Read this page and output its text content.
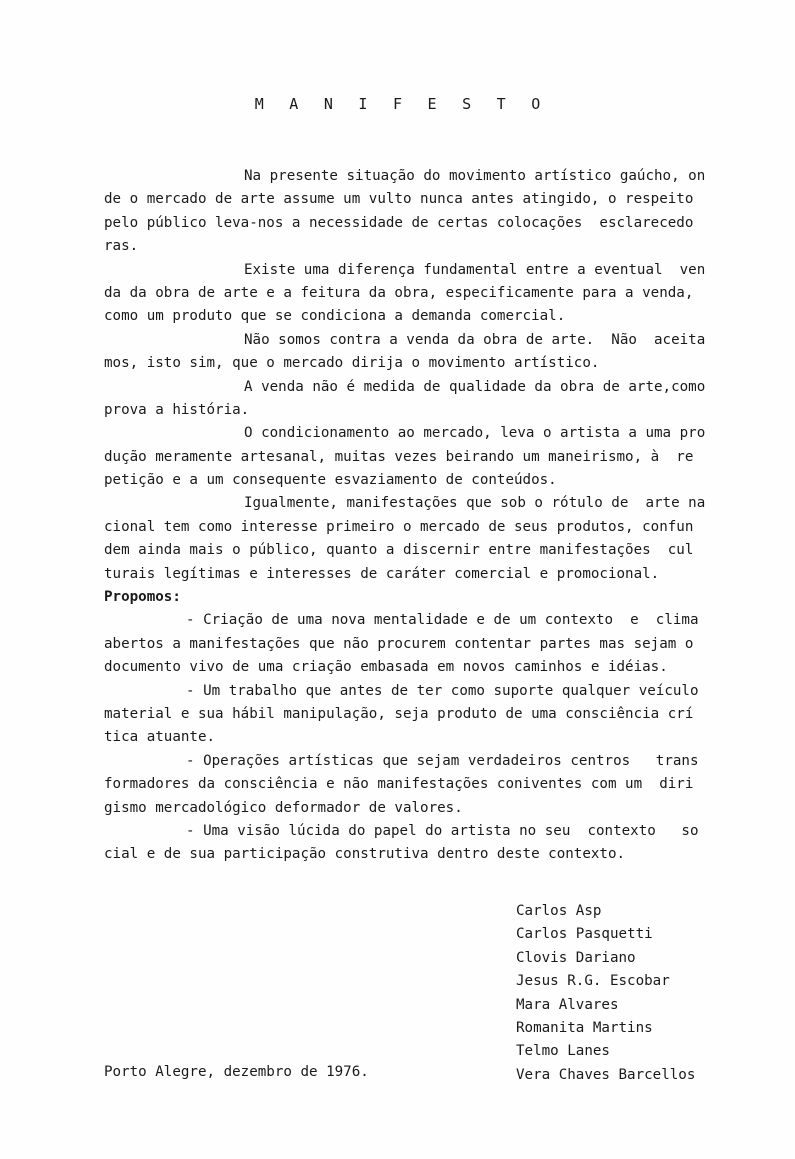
M A N I F E S T O
Na presente situação do movimento artístico gaúcho, on
de o mercado de arte assume um vulto nunca antes atingido, o respeito
pelo público leva-nos a necessidade de certas colocações  esclarecedo
ras.
Existe uma diferença fundamental entre a eventual  ven
da da obra de arte e a feitura da obra, especificamente para a venda,
como um produto que se condiciona a demanda comercial.
Não somos contra a venda da obra de arte.  Não  aceita
mos, isto sim, que o mercado dirija o movimento artístico.
A venda não é medida de qualidade da obra de arte,como
prova a história.
O condicionamento ao mercado, leva o artista a uma pro
dução meramente artesanal, muitas vezes beirando um maneirismo, à  re
petição e a um consequente esvaziamento de conteúdos.
Igualmente, manifestações que sob o rótulo de  arte na
cional tem como interesse primeiro o mercado de seus produtos, confun
dem ainda mais o público, quanto a discernir entre manifestações  cul
turais legítimas e interesses de caráter comercial e promocional.
Propomos:
- Criação de uma nova mentalidade e de um contexto  e  clima
abertos a manifestações que não procurem contentar partes mas sejam o
documento vivo de uma criação embasada em novos caminhos e idéias.
- Um trabalho que antes de ter como suporte qualquer veículo
material e sua hábil manipulação, seja produto de uma consciência crí
tica atuante.
- Operações artísticas que sejam verdadeiros centros   trans
formadores da consciência e não manifestações coniventes com um  diri
gismo mercadológico deformador de valores.
- Uma visão lúcida do papel do artista no seu  contexto   so
cial e de sua participação construtiva dentro deste contexto.
Carlos Asp
Carlos Pasquetti
Clovis Dariano
Jesus R.G. Escobar
Mara Alvares
Romanita Martins
Telmo Lanes
Vera Chaves Barcellos
Porto Alegre, dezembro de 1976.
